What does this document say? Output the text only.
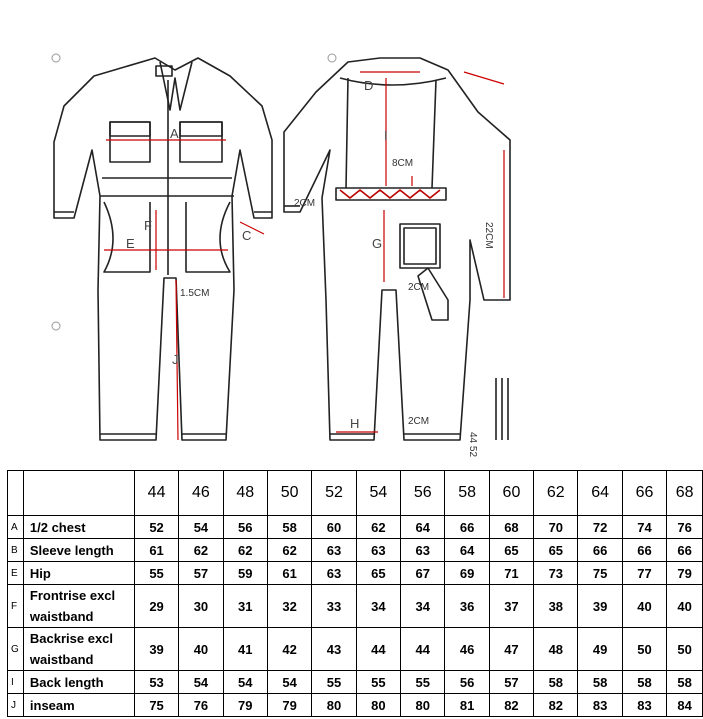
A
F
E
C
1.5CM
J
D
I
8CM
2CM
G
2CM
H	2CM
22CM
44 52
		44	46	48	50	52	54	56	58	60	62	64	66	68
A	1/2 chest	52	54	56	58	60	62	64	66	68	70	72	74	76
B	Sleeve length	61	62	62	62	63	63	63	64	65	65	66	66	66
E	Hip	55	57	59	61	63	65	67	69	71	73	75	77	79
F	Frontrise excl waistband	29	30	31	32	33	34	34	36	37	38	39	40	40
G	Backrise excl waistband	39	40	41	42	43	44	44	46	47	48	49	50	50
I	Back length	53	54	54	54	55	55	55	56	57	58	58	58	58
J	inseam	75	76	79	79	80	80	80	81	82	82	83	83	84
